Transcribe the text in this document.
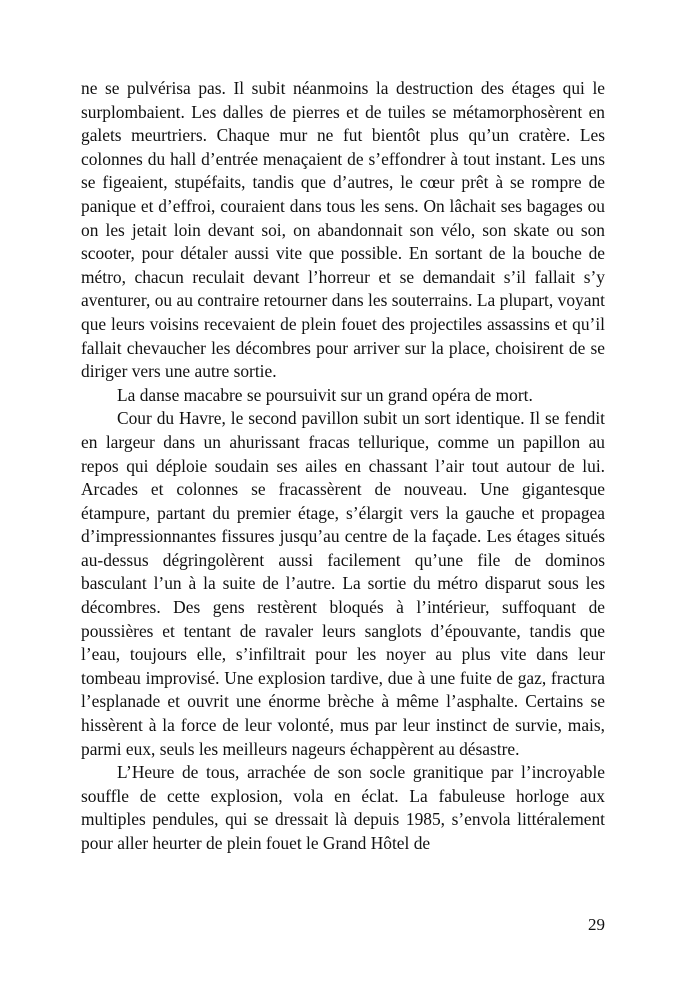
ne se pulvérisa pas. Il subit néanmoins la destruction des étages qui le surplombaient. Les dalles de pierres et de tuiles se métamorphosèrent en galets meurtriers. Chaque mur ne fut bientôt plus qu’un cratère. Les colonnes du hall d’entrée menaçaient de s’effondrer à tout instant. Les uns se figeaient, stupéfaits, tandis que d’autres, le cœur prêt à se rompre de panique et d’effroi, couraient dans tous les sens. On lâchait ses bagages ou on les jetait loin devant soi, on abandonnait son vélo, son skate ou son scooter, pour détaler aussi vite que possible. En sortant de la bouche de métro, chacun reculait devant l’horreur et se demandait s’il fallait s’y aventurer, ou au contraire retourner dans les souterrains. La plupart, voyant que leurs voisins recevaient de plein fouet des projectiles assassins et qu’il fallait chevaucher les décombres pour arriver sur la place, choisirent de se diriger vers une autre sortie.

La danse macabre se poursuivit sur un grand opéra de mort.

Cour du Havre, le second pavillon subit un sort identique. Il se fendit en largeur dans un ahurissant fracas tellurique, comme un papillon au repos qui déploie soudain ses ailes en chassant l’air tout autour de lui. Arcades et colonnes se fracassèrent de nouveau. Une gigantesque étampure, partant du premier étage, s’élargit vers la gauche et propagea d’impressionnantes fissures jusqu’au centre de la façade. Les étages situés au-dessus dégringolèrent aussi facilement qu’une file de dominos basculant l’un à la suite de l’autre. La sortie du métro disparut sous les décombres. Des gens restèrent bloqués à l’intérieur, suffoquant de poussières et tentant de ravaler leurs sanglots d’épouvante, tandis que l’eau, toujours elle, s’infiltrait pour les noyer au plus vite dans leur tombeau improvisé. Une explosion tardive, due à une fuite de gaz, fractura l’esplanade et ouvrit une énorme brèche à même l’asphalte. Certains se hissèrent à la force de leur volonté, mus par leur instinct de survie, mais, parmi eux, seuls les meilleurs nageurs échappèrent au désastre.

L’Heure de tous, arrachée de son socle granitique par l’incroyable souffle de cette explosion, vola en éclat. La fabuleuse horloge aux multiples pendules, qui se dressait là depuis 1985, s’envola littéralement pour aller heurter de plein fouet le Grand Hôtel de

29
